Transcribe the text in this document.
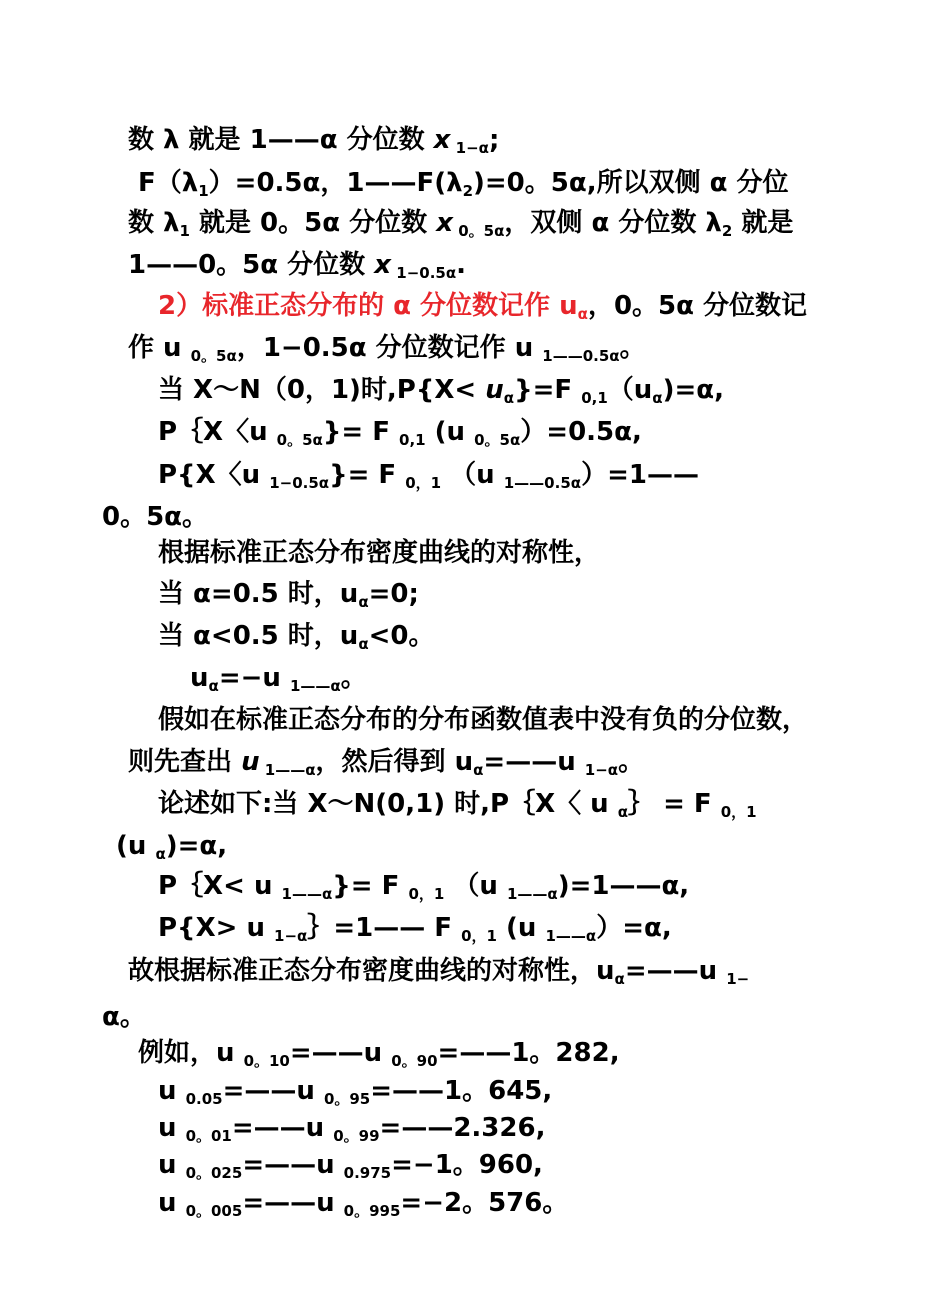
数 λ 就是 1——α 分位数 x $_{1-\alpha}$;
$F(\lambda_1)=0.5\alpha$，$1——F(\lambda_2)=0$。5α,所以双侧 α 分位
数 $\lambda_1$ 就是 0。5α 分位数 x $_{0。5\alpha}$，双侧 α 分位数 $\lambda_2$ 就是
1——0。5α 分位数 x $_{1-0.5\alpha}$.
2）标准正态分布的 α 分位数记作 $u_\alpha$，0。5α 分位数记
作 u $_{0。5\alpha}$，1−0.5α 分位数记作 u $_{1——0.5\alpha}$。
当 X～N（0，1)时$,P\{X< u_\alpha\}=F$ $_{0,1}(u_\alpha)=\alpha$,
P｛X〈u $_{0。5\alpha}$}= F $_{0,1}$ (u $_{0。5\alpha}$）=0.5α,
P{X〈u $_{1-0.5\alpha}$}= F $_{0,1}$ （u $_{1——0.5\alpha}$）=1——
0。5α。
根据标准正态分布密度曲线的对称性，
当 α=0.5 时，$u_\alpha=0$;
当 α<0.5 时，$u_\alpha<0$。
$u_\alpha=-u$ $_{1——\alpha}$。
假如在标准正态分布的分布函数值表中没有负的分位数，
则先查出 u $_{1——\alpha}$，然后得到 $u_\alpha=——u$ $_{1-\alpha}$。
论述如下:当 X～N(0,1) 时,P｛X〈 u $_\alpha$｝ = F $_{0,1}$
(u $_\alpha$)=α,
P｛X< u $_{1——\alpha}$}= F $_{0,1}$ （u $_{1——\alpha}$)=1——α,
P{X> u $_{1-\alpha}$｝=1—— F $_{0,1}$ (u $_{1——\alpha}$）=α,
故根据标准正态分布密度曲线的对称性，$u_\alpha=——u$ $_{1-}$
α。
例如，u $_{0。10}$=——u $_{0。90}$=——1。282,
u $_{0.05}$=——u $_{0。95}$=——1。645,
u $_{0。01}$=——u $_{0。99}$=——2.326,
u $_{0。025}$=——u $_{0.975}$=−1。960,
u $_{0。005}$=——u $_{0。995}$=−2。576。
